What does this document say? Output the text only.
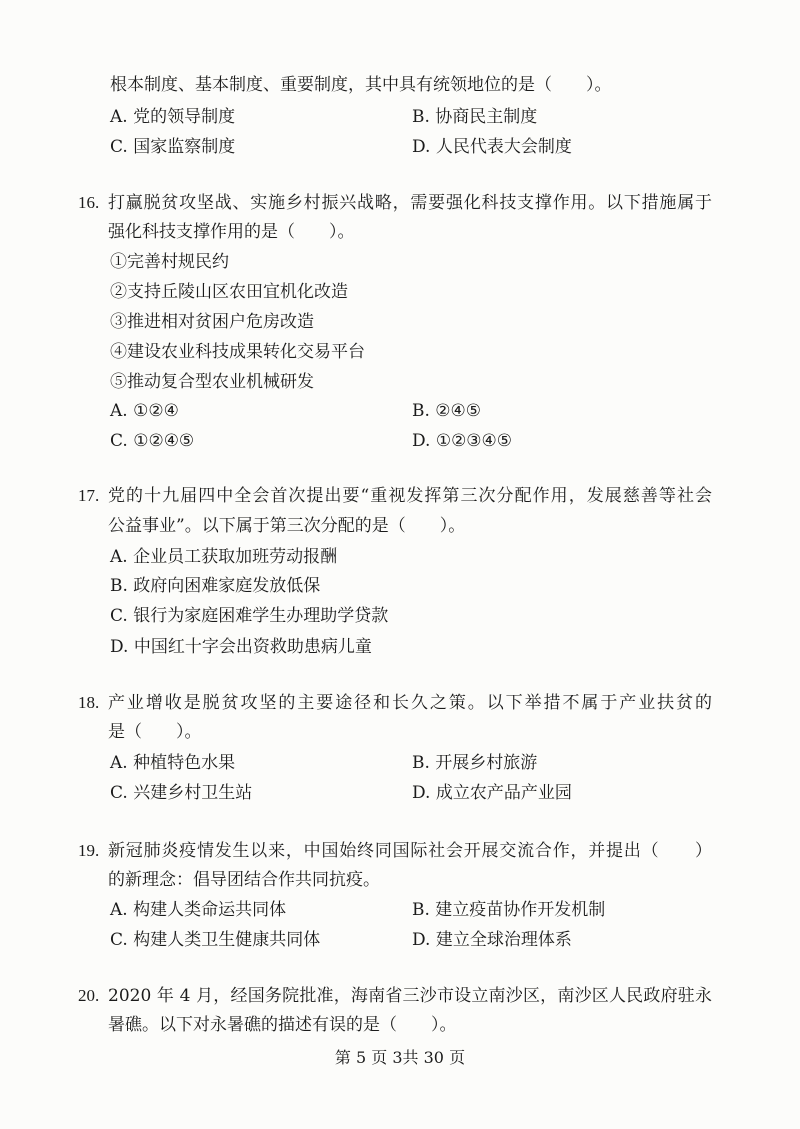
根本制度、基本制度、重要制度，其中具有统领地位的是（　　）。
A. 党的领导制度	B. 协商民主制度
C. 国家监察制度	D. 人民代表大会制度
16. 打赢脱贫攻坚战、实施乡村振兴战略，需要强化科技支撑作用。以下措施属于
强化科技支撑作用的是（　　）。
①完善村规民约
②支持丘陵山区农田宜机化改造
③推进相对贫困户危房改造
④建设农业科技成果转化交易平台
⑤推动复合型农业机械研发
A. ①②④	B. ②④⑤
C. ①②④⑤	D. ①②③④⑤
17. 党的十九届四中全会首次提出要“重视发挥第三次分配作用，发展慈善等社会
公益事业”。以下属于第三次分配的是（　　）。
A. 企业员工获取加班劳动报酬
B. 政府向困难家庭发放低保
C. 银行为家庭困难学生办理助学贷款
D. 中国红十字会出资救助患病儿童
18. 产业增收是脱贫攻坚的主要途径和长久之策。以下举措不属于产业扶贫的
是（　　）。
A. 种植特色水果	B. 开展乡村旅游
C. 兴建乡村卫生站	D. 成立农产品产业园
19. 新冠肺炎疫情发生以来，中国始终同国际社会开展交流合作，并提出（　　）
的新理念：倡导团结合作共同抗疫。
A. 构建人类命运共同体	B. 建立疫苗协作开发机制
C. 构建人类卫生健康共同体	D. 建立全球治理体系
20. 2020 年 4 月，经国务院批准，海南省三沙市设立南沙区，南沙区人民政府驻永
暑礁。以下对永暑礁的描述有误的是（　　）。
第 5 页 3共 30 页
